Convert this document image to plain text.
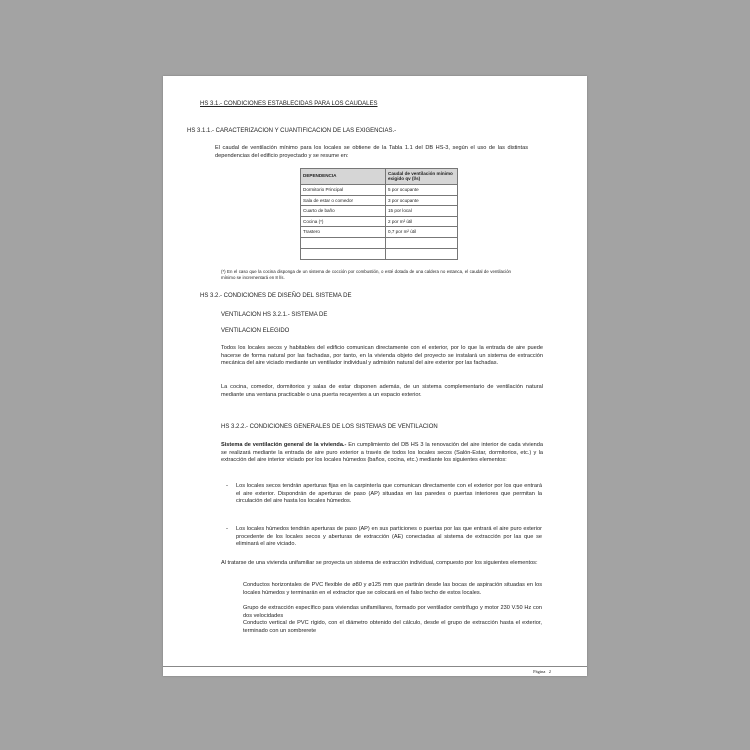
HS 3.1.- CONDICIONES ESTABLECIDAS PARA LOS CAUDALES
HS 3.1.1.- CARACTERIZACION Y CUANTIFICACION DE LAS EXIGENCIAS.-
El caudal de ventilación mínimo para los locales se obtiene de la Tabla 1.1 del DB HS-3, según el uso de las distintas dependencias del edificio proyectado y se resume en:
DEPENDENCIA	Caudal de ventilación mínimo exigido qv (l/s)
Dormitorio Principal	5 por ocupante
Sala de estar o comedor	3 por ocupante
Cuarto de baño	15 por local
Cocina (*)	2 por m² útil
Trastero	0,7 por m² útil

(*) En el caso que la cocina disponga de un sistema de cocción por combustión, o esté dotada de una caldera no estanca, el caudal de ventilación mínimo se incrementará en 8 l/s.
HS 3.2.- CONDICIONES DE DISEÑO DEL SISTEMA DE
VENTILACION HS 3.2.1.- SISTEMA DE
VENTILACION ELEGIDO
Todos los locales secos y habitables del edificio comunican directamente con el exterior, por lo que la entrada de aire puede hacerse de forma natural por las fachadas, por tanto, en la vivienda objeto del proyecto se instalará un sistema de extracción mecánica del aire viciado mediante un ventilador individual y admisión natural del aire exterior por las fachadas.
La cocina, comedor, dormitorios y salas de estar disponen además, de un sistema complementario de ventilación natural mediante una ventana practicable o una puerta recayentes a un espacio exterior.
HS 3.2.2.- CONDICIONES GENERALES DE LOS SISTEMAS DE VENTILACION
Sistema de ventilación general de la vivienda.- En cumplimiento del DB HS 3 la renovación del aire interior de cada vivienda se realizará mediante la entrada de aire puro exterior a través de todos los locales secos (Salón-Estar, dormitorios, etc.) y la extracción del aire interior viciado por los locales húmedos (baños, cocina, etc.) mediante los siguientes elementos:
- Los locales secos tendrán aperturas fijas en la carpintería que comunican directamente con el exterior por los que entrará el aire exterior. Dispondrán de aperturas de paso (AP) situadas en las paredes o puertas interiores que permitan la circulación del aire hasta los locales húmedos.
- Los locales húmedos tendrán aperturas de paso (AP) en sus particiones o puertas por las que entrará el aire puro exterior procedente de los locales secos y aberturas de extracción (AE) conectadas al sistema de extracción por las que se eliminará el aire viciado.
Al tratarse de una vivienda unifamiliar se proyecta un sistema de extracción individual, compuesto por los siguientes elementos:
Conductos horizontales de PVC flexible de ø80 y ø125 mm que partirán desde las bocas de aspiración situadas en los locales húmedos y terminarán en el extractor que se colocará en el falso techo de estos locales.
Grupo de extracción específico para viviendas unifamiliares, formado por ventilador centrífugo y motor 230 V.50 Hz con dos velocidades
Conducto vertical de PVC rígido, con el diámetro obtenido del cálculo, desde el grupo de extracción hasta el exterior, terminado con un sombrerete
Página 2
